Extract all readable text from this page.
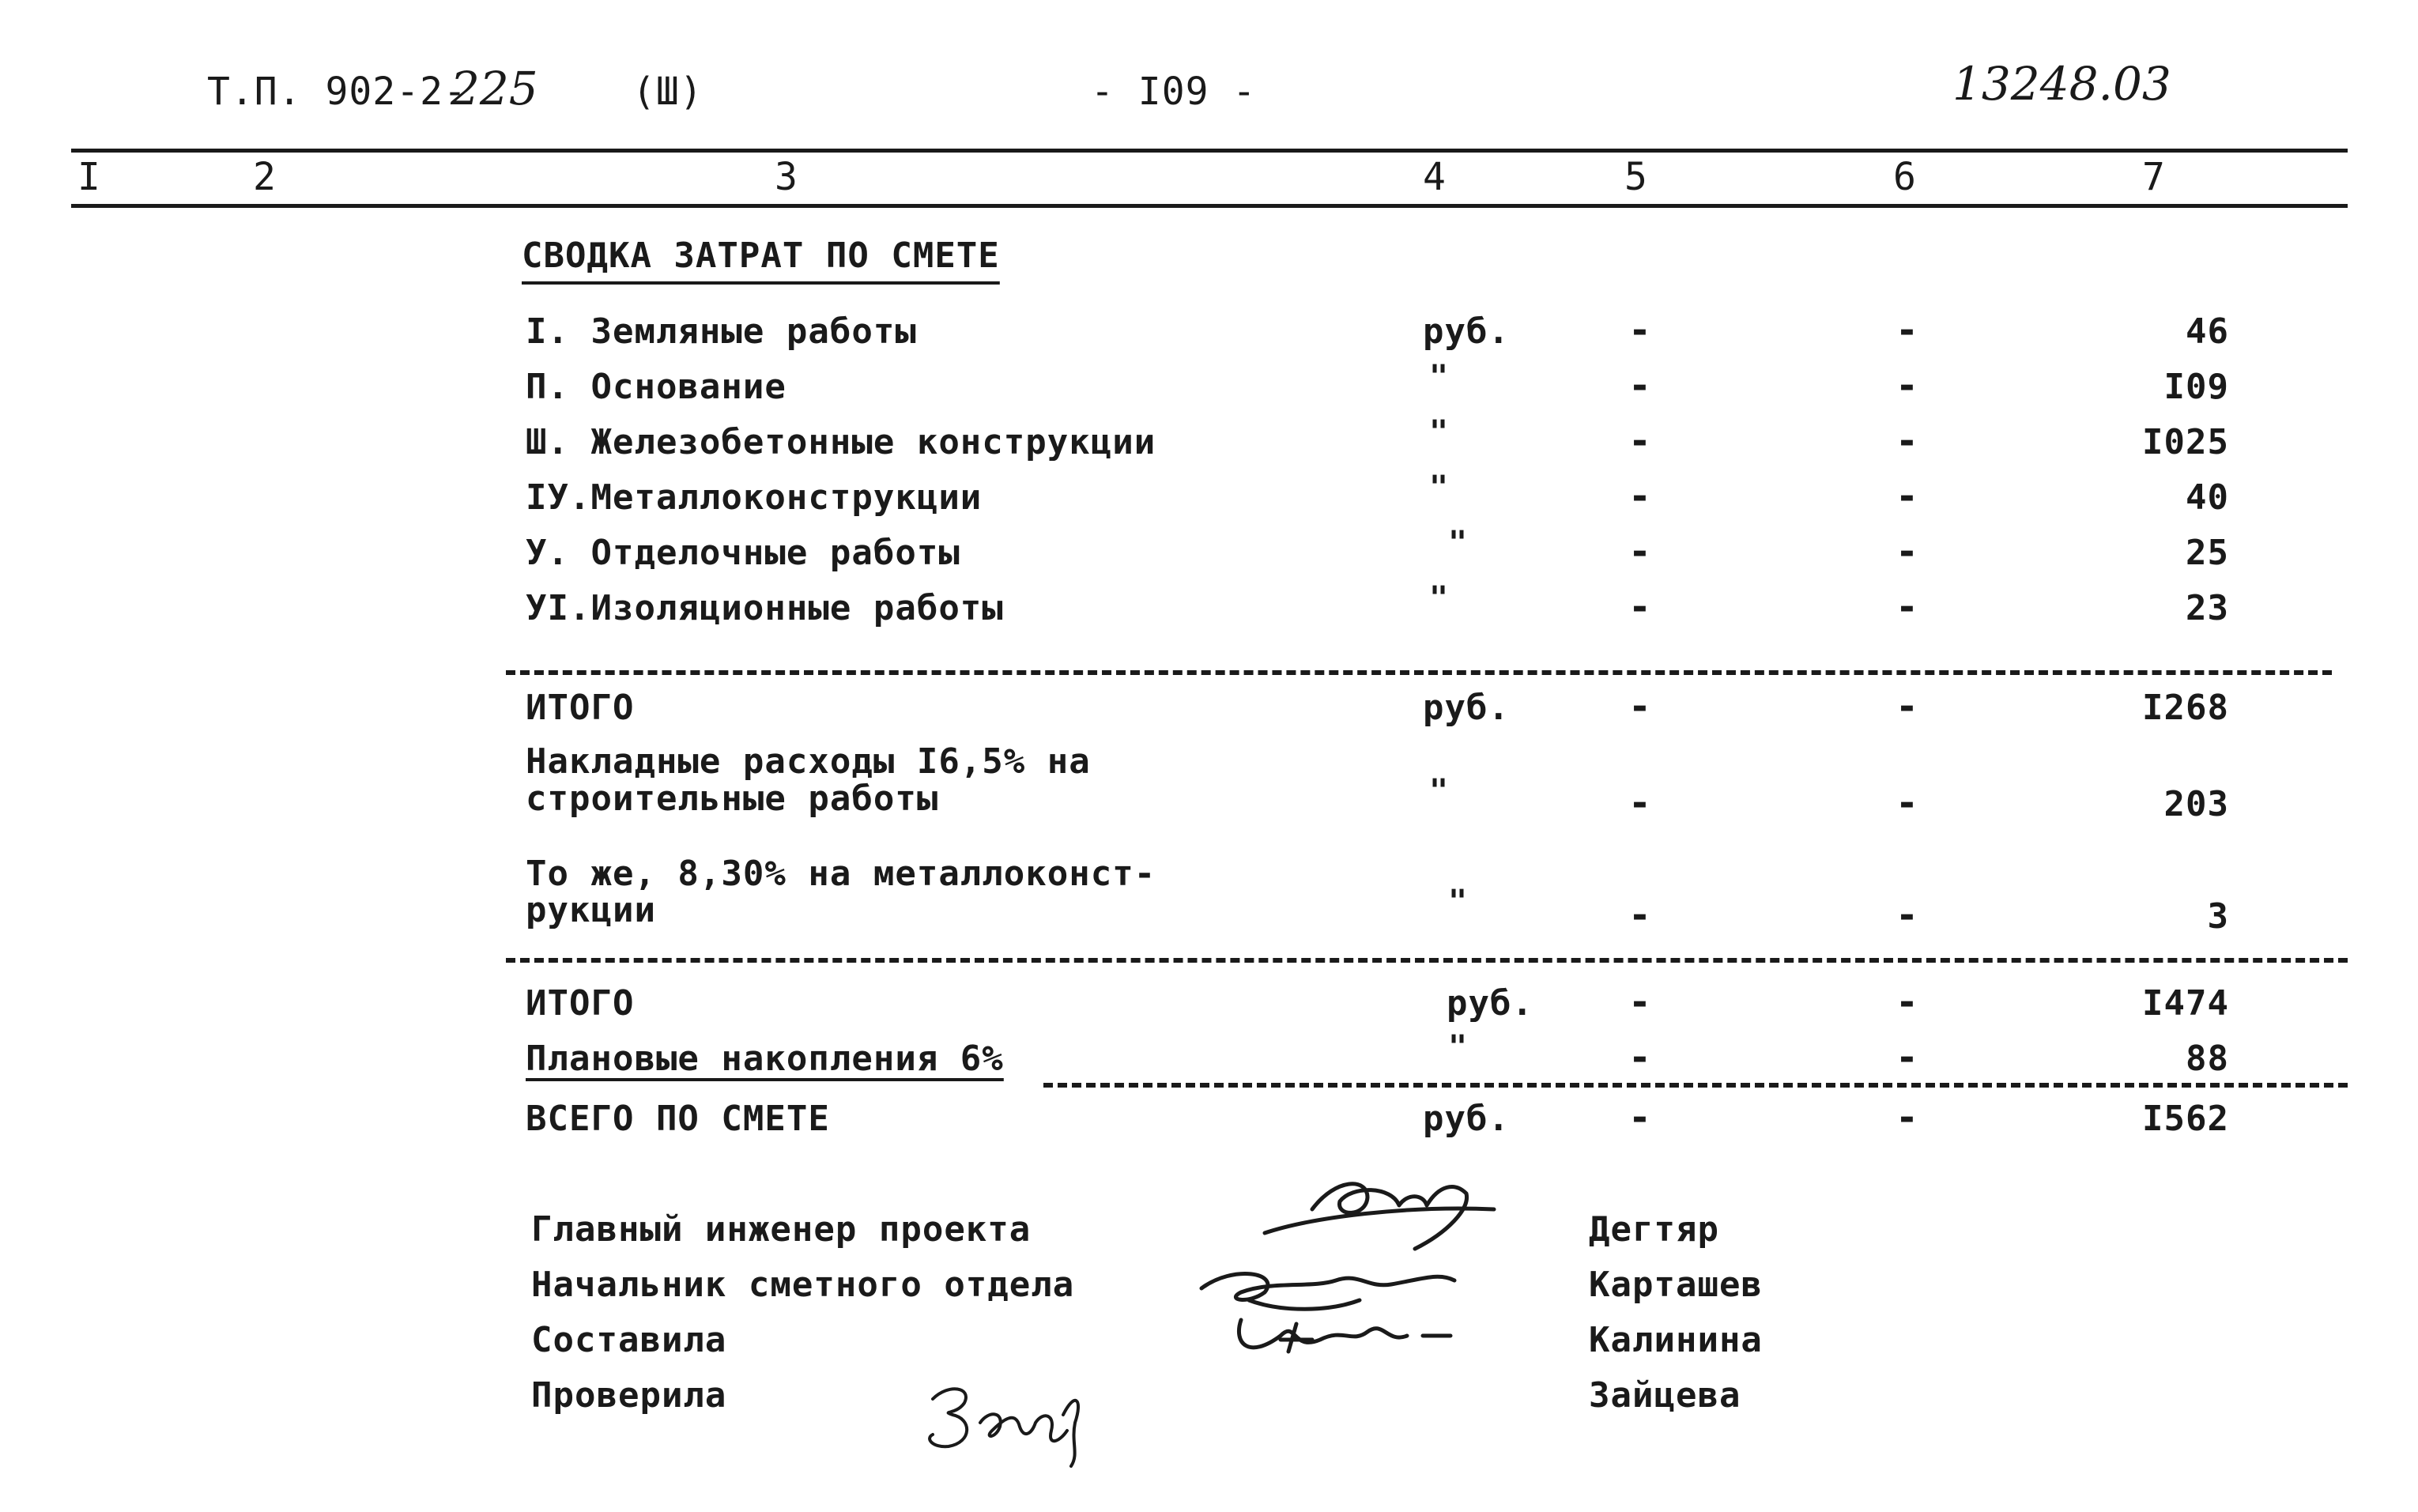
Т.П. 902-2-
225 (Ш)	- I09 -	13248.03
I	2	3	4	5	6	7
СВОДКА ЗАТРАТ ПО СМЕТЕ
I. Земляные работы	руб.	-	-	46
П. Основание	"	-	-	I09
Ш. Железобетонные конструкции	"	-	-	I025
IУ.Металлоконструкции	"	-	-	40
У. Отделочные работы	"	-	-	25
УI.Изоляционные работы	"	-	-	23
ИТОГО	руб.	-	-	I268
Накладные расходы I6,5% на
строительные работы	"	-	-	203
То же, 8,30% на металлоконст-
рукции	"	-	-	3
ИТОГО	руб.	-	-	I474
Плановые накопления 6%	"	-	-	88
ВСЕГО ПО СМЕТЕ	руб.	-	-	I562
Главный инженер проекта	Дегтяр
Начальник сметного отдела	Карташев
Составила	Калинина
Проверила	Зайцева
